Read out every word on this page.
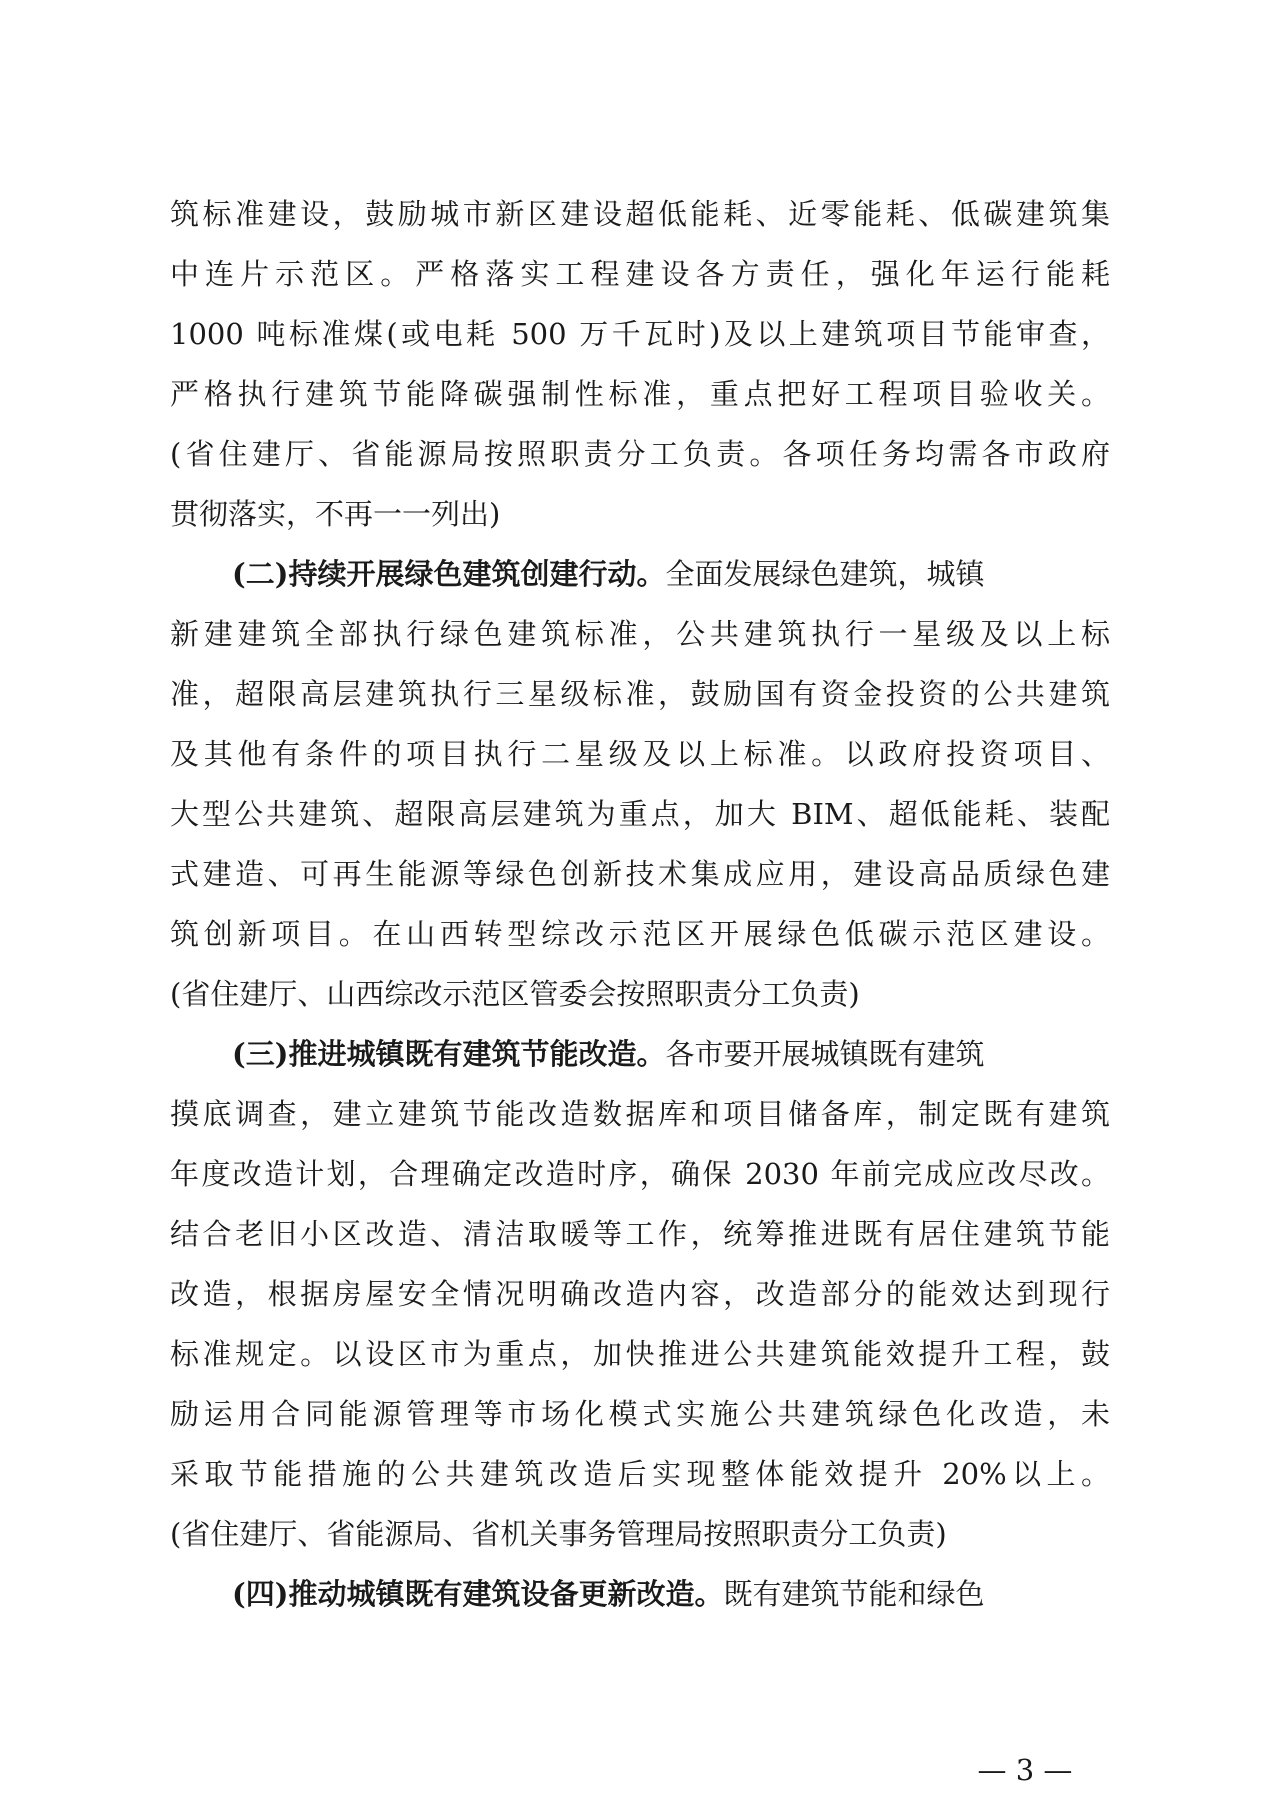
筑标准建设，鼓励城市新区建设超低能耗、近零能耗、低碳建筑集
中连片示范区。严格落实工程建设各方责任，强化年运行能耗
1000 吨标准煤(或电耗 500 万千瓦时)及以上建筑项目节能审查，
严格执行建筑节能降碳强制性标准，重点把好工程项目验收关。
(省住建厅、省能源局按照职责分工负责。各项任务均需各市政府
贯彻落实，不再一一列出)
(二)持续开展绿色建筑创建行动。全面发展绿色建筑，城镇
新建建筑全部执行绿色建筑标准，公共建筑执行一星级及以上标
准，超限高层建筑执行三星级标准，鼓励国有资金投资的公共建筑
及其他有条件的项目执行二星级及以上标准。以政府投资项目、
大型公共建筑、超限高层建筑为重点，加大 BIM、超低能耗、装配
式建造、可再生能源等绿色创新技术集成应用，建设高品质绿色建
筑创新项目。在山西转型综改示范区开展绿色低碳示范区建设。
(省住建厅、山西综改示范区管委会按照职责分工负责)
(三)推进城镇既有建筑节能改造。各市要开展城镇既有建筑
摸底调查，建立建筑节能改造数据库和项目储备库，制定既有建筑
年度改造计划，合理确定改造时序，确保 2030 年前完成应改尽改。
结合老旧小区改造、清洁取暖等工作，统筹推进既有居住建筑节能
改造，根据房屋安全情况明确改造内容，改造部分的能效达到现行
标准规定。以设区市为重点，加快推进公共建筑能效提升工程，鼓
励运用合同能源管理等市场化模式实施公共建筑绿色化改造，未
采取节能措施的公共建筑改造后实现整体能效提升 20%以上。
(省住建厅、省能源局、省机关事务管理局按照职责分工负责)
(四)推动城镇既有建筑设备更新改造。既有建筑节能和绿色
— 3 —
